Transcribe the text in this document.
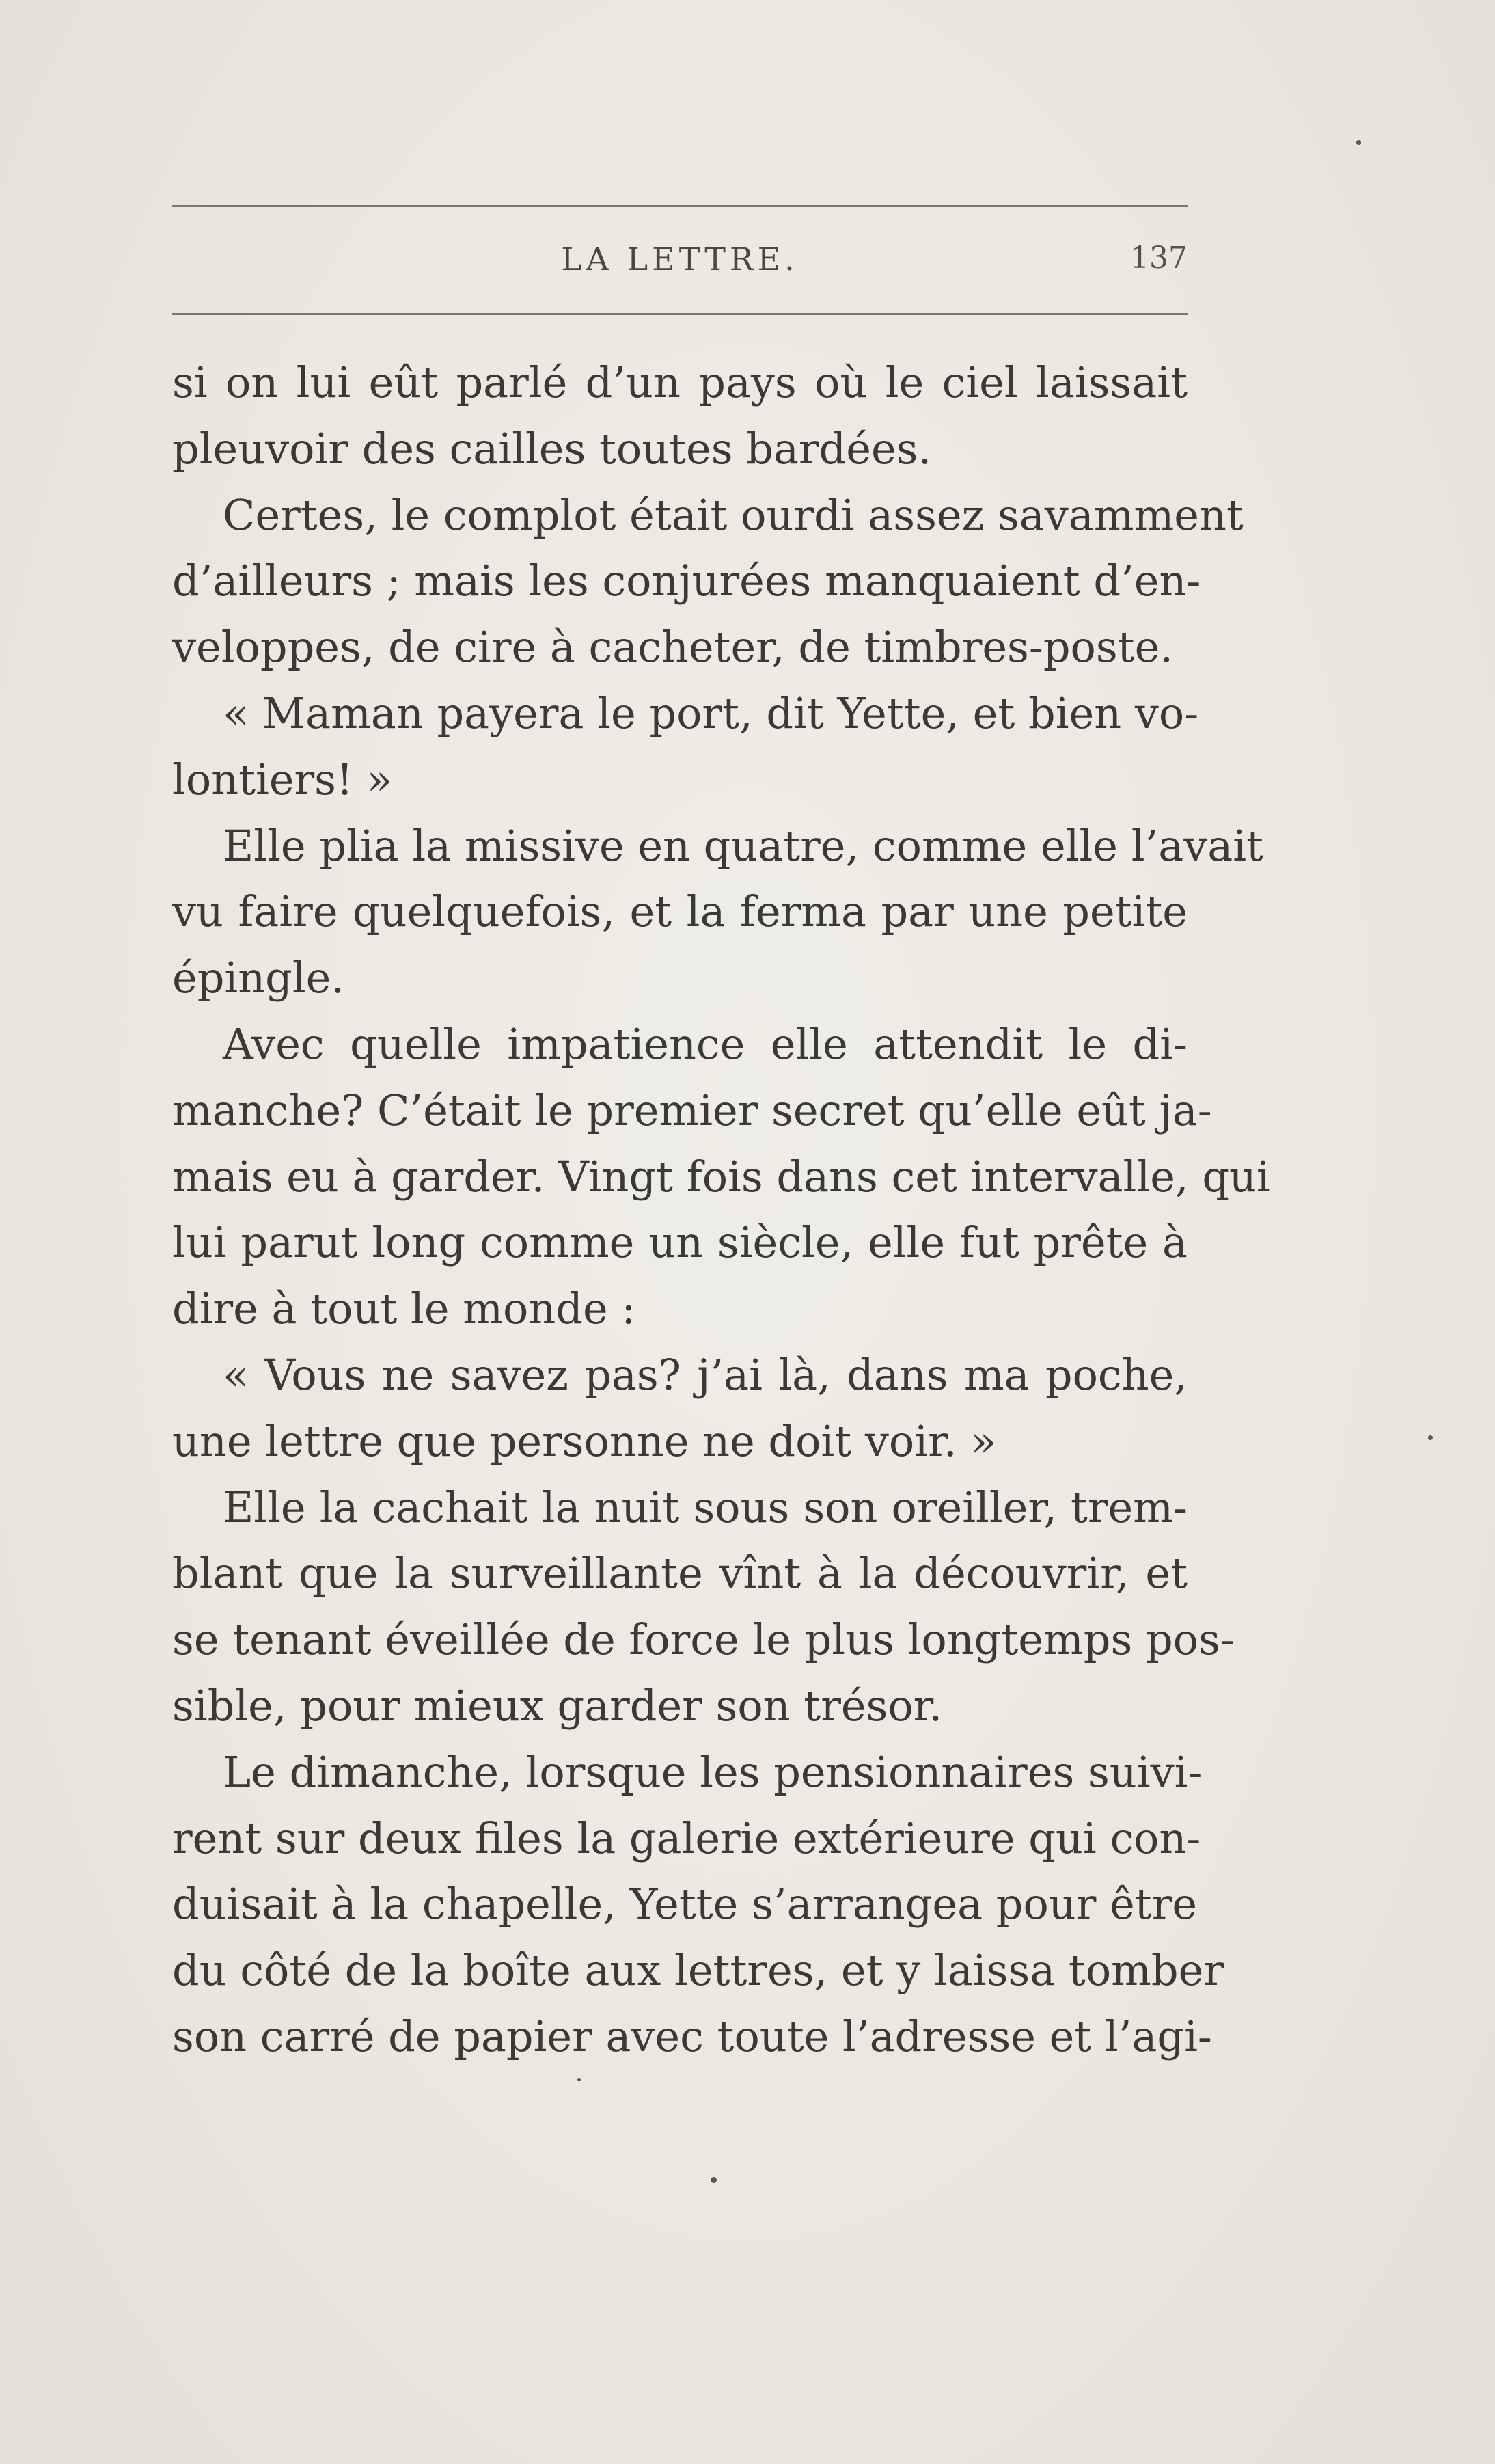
LA LETTRE.	137
si on lui eût parlé d’un pays où le ciel laissait
pleuvoir des cailles toutes bardées.
Certes, le complot était ourdi assez savamment
d’ailleurs ; mais les conjurées manquaient d’en-
veloppes, de cire à cacheter, de timbres-poste.
« Maman payera le port, dit Yette, et bien vo-
lontiers! »
Elle plia la missive en quatre, comme elle l’avait
vu faire quelquefois, et la ferma par une petite
épingle.
Avec quelle impatience elle attendit le di-
manche? C’était le premier secret qu’elle eût ja-
mais eu à garder. Vingt fois dans cet intervalle, qui
lui parut long comme un siècle, elle fut prête à
dire à tout le monde :
« Vous ne savez pas? j’ai là, dans ma poche,
une lettre que personne ne doit voir. »
Elle la cachait la nuit sous son oreiller, trem-
blant que la surveillante vînt à la découvrir, et
se tenant éveillée de force le plus longtemps pos-
sible, pour mieux garder son trésor.
Le dimanche, lorsque les pensionnaires suivi-
rent sur deux files la galerie extérieure qui con-
duisait à la chapelle, Yette s’arrangea pour être
du côté de la boîte aux lettres, et y laissa tomber
son carré de papier avec toute l’adresse et l’agi-
